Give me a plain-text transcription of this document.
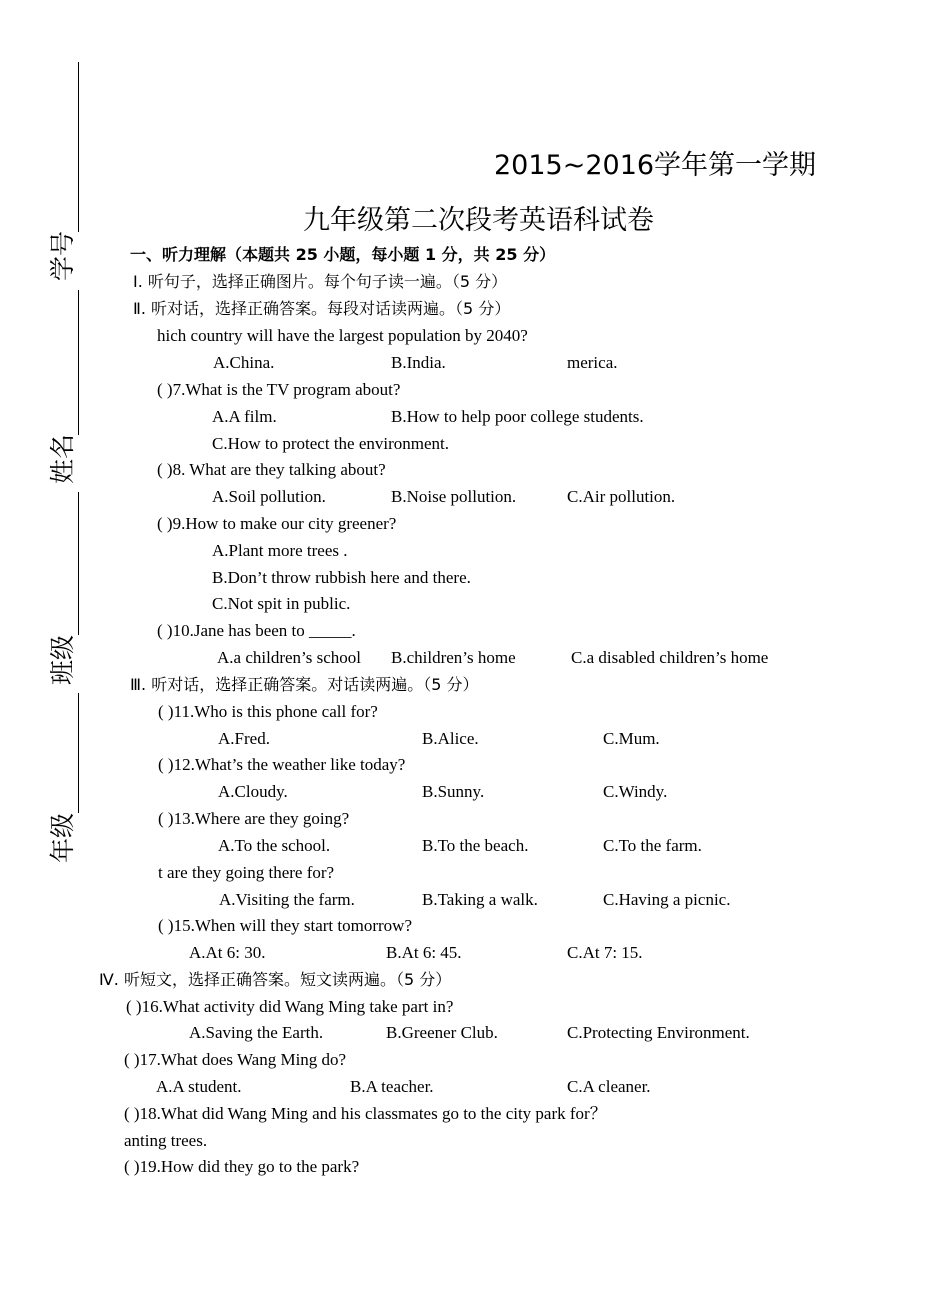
学号
姓名
班级
年级
2015~2016学年第一学期
九年级第二次段考英语科试卷
一、听力理解（本题共 25 小题，每小题 1 分，共 25 分）
Ⅰ. 听句子，选择正确图片。每个句子读一遍。（5 分）
Ⅱ. 听对话，选择正确答案。每段对话读两遍。（5 分）
hich country will have the largest population by 2040?
A.China.	B.India.	merica.
( )7.What is the TV program about?
A.A film.	B.How to help poor college students.
C.How to protect the environment.
( )8. What are they talking about?
A.Soil pollution.	B.Noise pollution.	C.Air pollution.
( )9.How to make our city greener?
A.Plant more trees .
B.Don’t throw rubbish here and there.
C.Not spit in public.
( )10.Jane has been to _____.
A.a children’s school B.children’s home	C.a disabled children’s home
Ⅲ. 听对话，选择正确答案。对话读两遍。（5 分）
( )11.Who is this phone call for?
A.Fred.	B.Alice.	C.Mum.
( )12.What’s the weather like today?
A.Cloudy.	B.Sunny.	C.Windy.
( )13.Where are they going?
A.To the school.	B.To the beach.	C.To the farm.
t are they going there for?
A.Visiting the farm.	B.Taking a walk.	C.Having a picnic.
( )15.When will they start tomorrow?
A.At 6: 30.	B.At 6: 45.	C.At 7: 15.
Ⅳ. 听短文，选择正确答案。短文读两遍。（5 分）
( )16.What activity did Wang Ming take part in?
A.Saving the Earth.	B.Greener Club.	C.Protecting Environment.
( )17.What does Wang Ming do?
A.A student.	B.A teacher.	C.A cleaner.
( )18.What did Wang Ming and his classmates go to the city park for？
anting trees.
( )19.How did they go to the park?
